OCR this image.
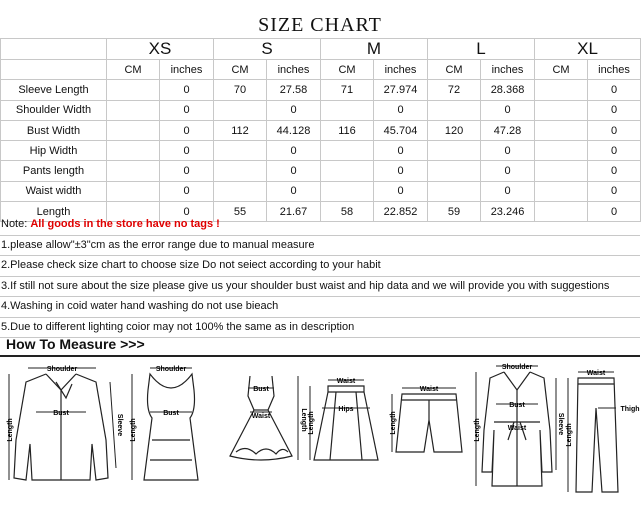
SIZE CHART
	XS		S		M		L		XL	
	CM	inches	CM	inches	CM	inches	CM	inches	CM	inches
Sleeve Length		0	70	27.58	71	27.974	72	28.368		0
Shoulder Width		0		0		0		0		0
Bust Width		0	112	44.128	116	45.704	120	47.28		0
Hip Width		0		0		0		0		0
Pants length		0		0		0		0		0
Waist width		0		0		0		0		0
Length		0	55	21.67	58	22.852	59	23.246		0
Note: All goods in the store have no tags !
1.please allow"±3"cm as the error range due to manual measure
2.Please check size chart to choose size Do not seiect according to your habit
3.If still not sure about the size please give us your shoulder bust waist and hip data and we will provide you with suggestions
4.Washing in coid water hand washing do not use bieach
5.Due to different lighting coior may not 100% the same as in description
How To Measure >>>
Shoulder
Bust
Length	Sleeve
Shoulder
Bust
Length
Bust
Waist	Length
Waist
Hips
Length
Waist
Length
Shoulder
Bust
Waist
Length	Sleeve
Waist
Thigh
Length
